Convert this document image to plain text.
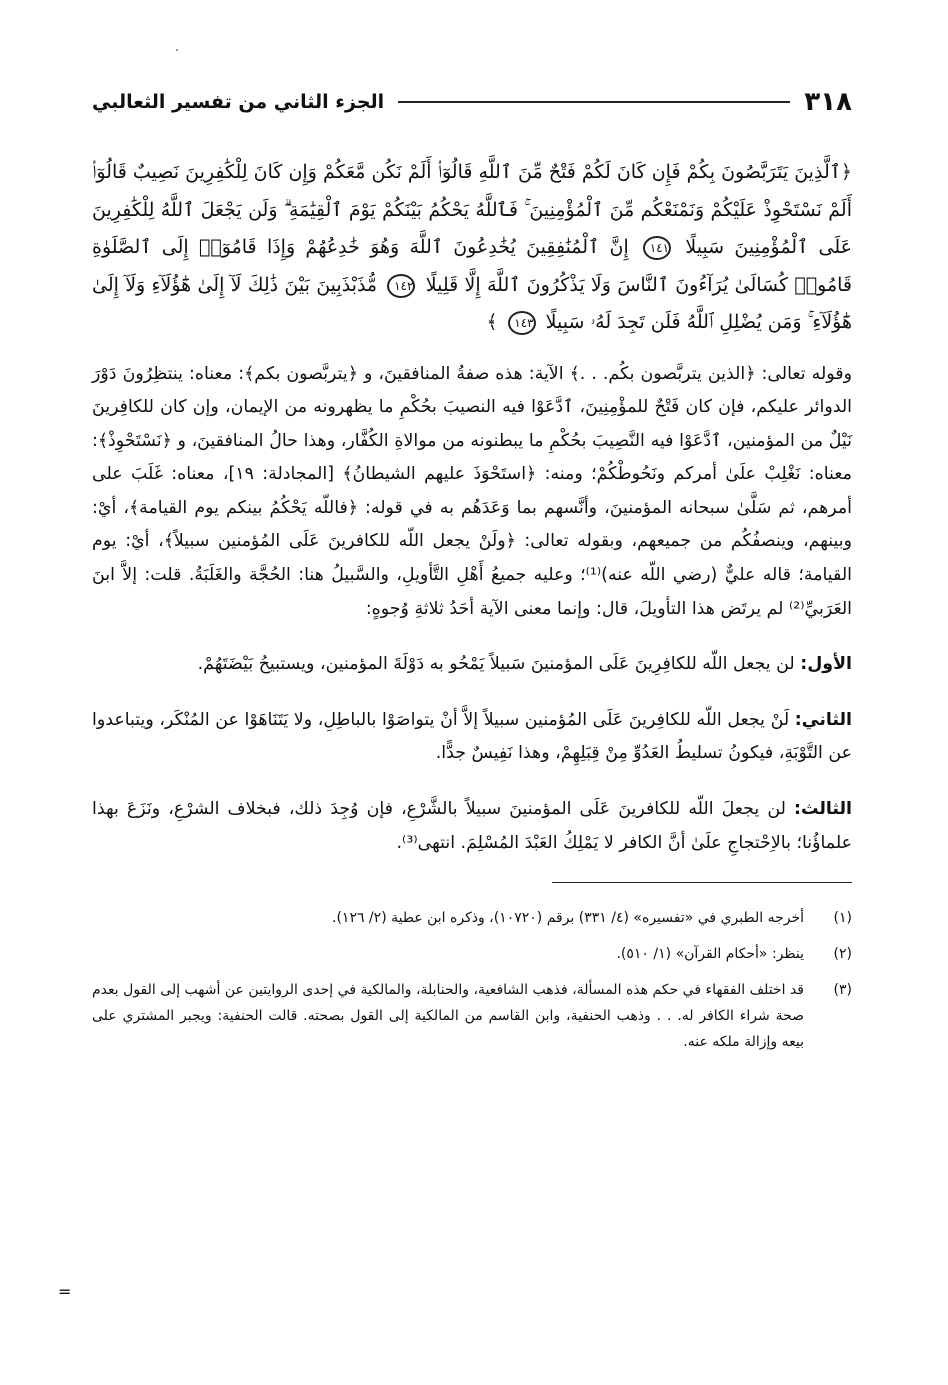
٣١٨
الجزء الثاني من تفسير الثعالبي
﴿ٱلَّذِينَ يَتَرَبَّصُونَ بِكُمْ فَإِن كَانَ لَكُمْ فَتْحٌ مِّنَ ٱللَّهِ قَالُوٓا۟ أَلَمْ نَكُن مَّعَكُمْ وَإِن كَانَ لِلْكَٰفِرِينَ نَصِيبٌ قَالُوٓا۟ أَلَمْ نَسْتَحْوِذْ عَلَيْكُمْ وَنَمْنَعْكُم مِّنَ ٱلْمُؤْمِنِينَ ۚ فَٱللَّهُ يَحْكُمُ بَيْنَكُمْ يَوْمَ ٱلْقِيَٰمَةِ ۗ وَلَن يَجْعَلَ ٱللَّهُ لِلْكَٰفِرِينَ عَلَى ٱلْمُؤْمِنِينَ سَبِيلًا ١٤١ إِنَّ ٱلْمُنَٰفِقِينَ يُخَٰدِعُونَ ٱللَّهَ وَهُوَ خَٰدِعُهُمْ وَإِذَا قَامُوٓا۟ إِلَى ٱلصَّلَوٰةِ قَامُوا۟ كُسَالَىٰ يُرَآءُونَ ٱلنَّاسَ وَلَا يَذْكُرُونَ ٱللَّهَ إِلَّا قَلِيلًا ١٤٢ مُّذَبْذَبِينَ بَيْنَ ذَٰلِكَ لَآ إِلَىٰ هَٰٓؤُلَآءِ وَلَآ إِلَىٰ هَٰٓؤُلَآءِ ۚ وَمَن يُضْلِلِ ٱللَّهُ فَلَن تَجِدَ لَهُۥ سَبِيلًا ١٤٣ ﴾

وقوله تعالى: ﴿الذين يتربَّصون بكُم. . .﴾ الآية: هذه صفةُ المنافقينَ، و ﴿يتربَّصون بكم﴾: معناه: ينتظِرُونَ دَوْرَ الدوائر عليكم، فإن كان فَتْحٌ للمؤْمِنِينَ، ٱدَّعَوْا فيه النصيبَ بحُكْمِ ما يظهرونه من الإيمان، وإن كان للكافِرينَ نَيْلٌ من المؤمنين، ٱدَّعَوْا فيه النَّصِيبَ بحُكْمِ ما يبطنونه من موالاةِ الكُفَّار، وهذا حالُ المنافقينَ، و ﴿نَسْتَحْوِذْ﴾: معناه: نَغْلِبْ علَىٰ أمركم ونَحُوطْكُمْ؛ ومنه: ﴿استَحْوَذَ عليهم الشيطانُ﴾ [المجادلة: ١٩]، معناه: غَلَبَ على أمرهم، ثم سَلَّىٰ سبحانه المؤمنينَ، وأنَّسهم بما وَعَدَهُم به في قوله: ﴿فاللّه يَحْكُمُ بينكم يوم القيامة﴾، أيْ: وبينهم، وينصفُكُم من جميعهم، وبقوله تعالى: ﴿ولَنْ يجعل اللّه للكافرينَ عَلَى المُؤمنين سبيلاً﴾، أيْ: يوم القيامة؛ قاله عليٌّ (رضي اللّه عنه)⁽¹⁾؛ وعليه جميعُ أَهْلِ التَّأويلِ، والسَّبيلُ هنا: الحُجَّة والغَلَبَةُ. قلت: إلاَّ ابنَ العَرَبيِّ⁽²⁾ لم يرتَض هذا التأويلَ، قال: وإنما معنى الآية أحَدُ ثلاثةِ وُجوهٍ:

الأول: لن يجعل اللّه للكافِرِينَ عَلَى المؤمنينَ سَبيلاً يَمْحُو به دَوْلَةَ المؤمنين، ويستبيحُ بَيْضَتَهُمْ.

الثاني: لَنْ يجعل اللّه للكافِرينَ عَلَى المُؤمنين سبيلاً إلاَّ أنْ يتواصَوْا بالباطِلِ، ولا يَتَنَاهَوْا عن المُنْكَر، ويتباعدوا عن التَّوْبَةِ، فيكونُ تسليطُ العَدُوِّ مِنْ قِبَلِهِمْ، وهذا نَفِيسٌ جدًّا.

الثالث: لن يجعلَ اللّه للكافرينَ عَلَى المؤمنينَ سبيلاً بالشَّرْعِ، فإن وُجِدَ ذلك، فبخلاف الشرْعِ، ونَزَعَ بهذا علماؤُنا؛ بالاِحْتجاجِ علَىٰ أنَّ الكافر لا يَمْلِكُ العَبْدَ المُسْلِمَ. انتهى⁽³⁾.

(١)
أخرجه الطبري في «تفسيره» (٤/ ٣٣١) برقم (١٠٧٢٠)، وذكره ابن عطية (٢/ ١٢٦).
(٢)
ينظر: «أحكام القرآن» (١/ ٥١٠).
(٣)
قد اختلف الفقهاء في حكم هذه المسألة، فذهب الشافعية، والحنابلة، والمالكية في إحدى الروايتين عن أشهب إلى القول بعدم صحة شراء الكافر له. . . وذهب الحنفية، وابن القاسم من المالكية إلى القول بصحته. قالت الحنفية: ويجبر المشتري على بيعه وإزالة ملكه عنه.
=
